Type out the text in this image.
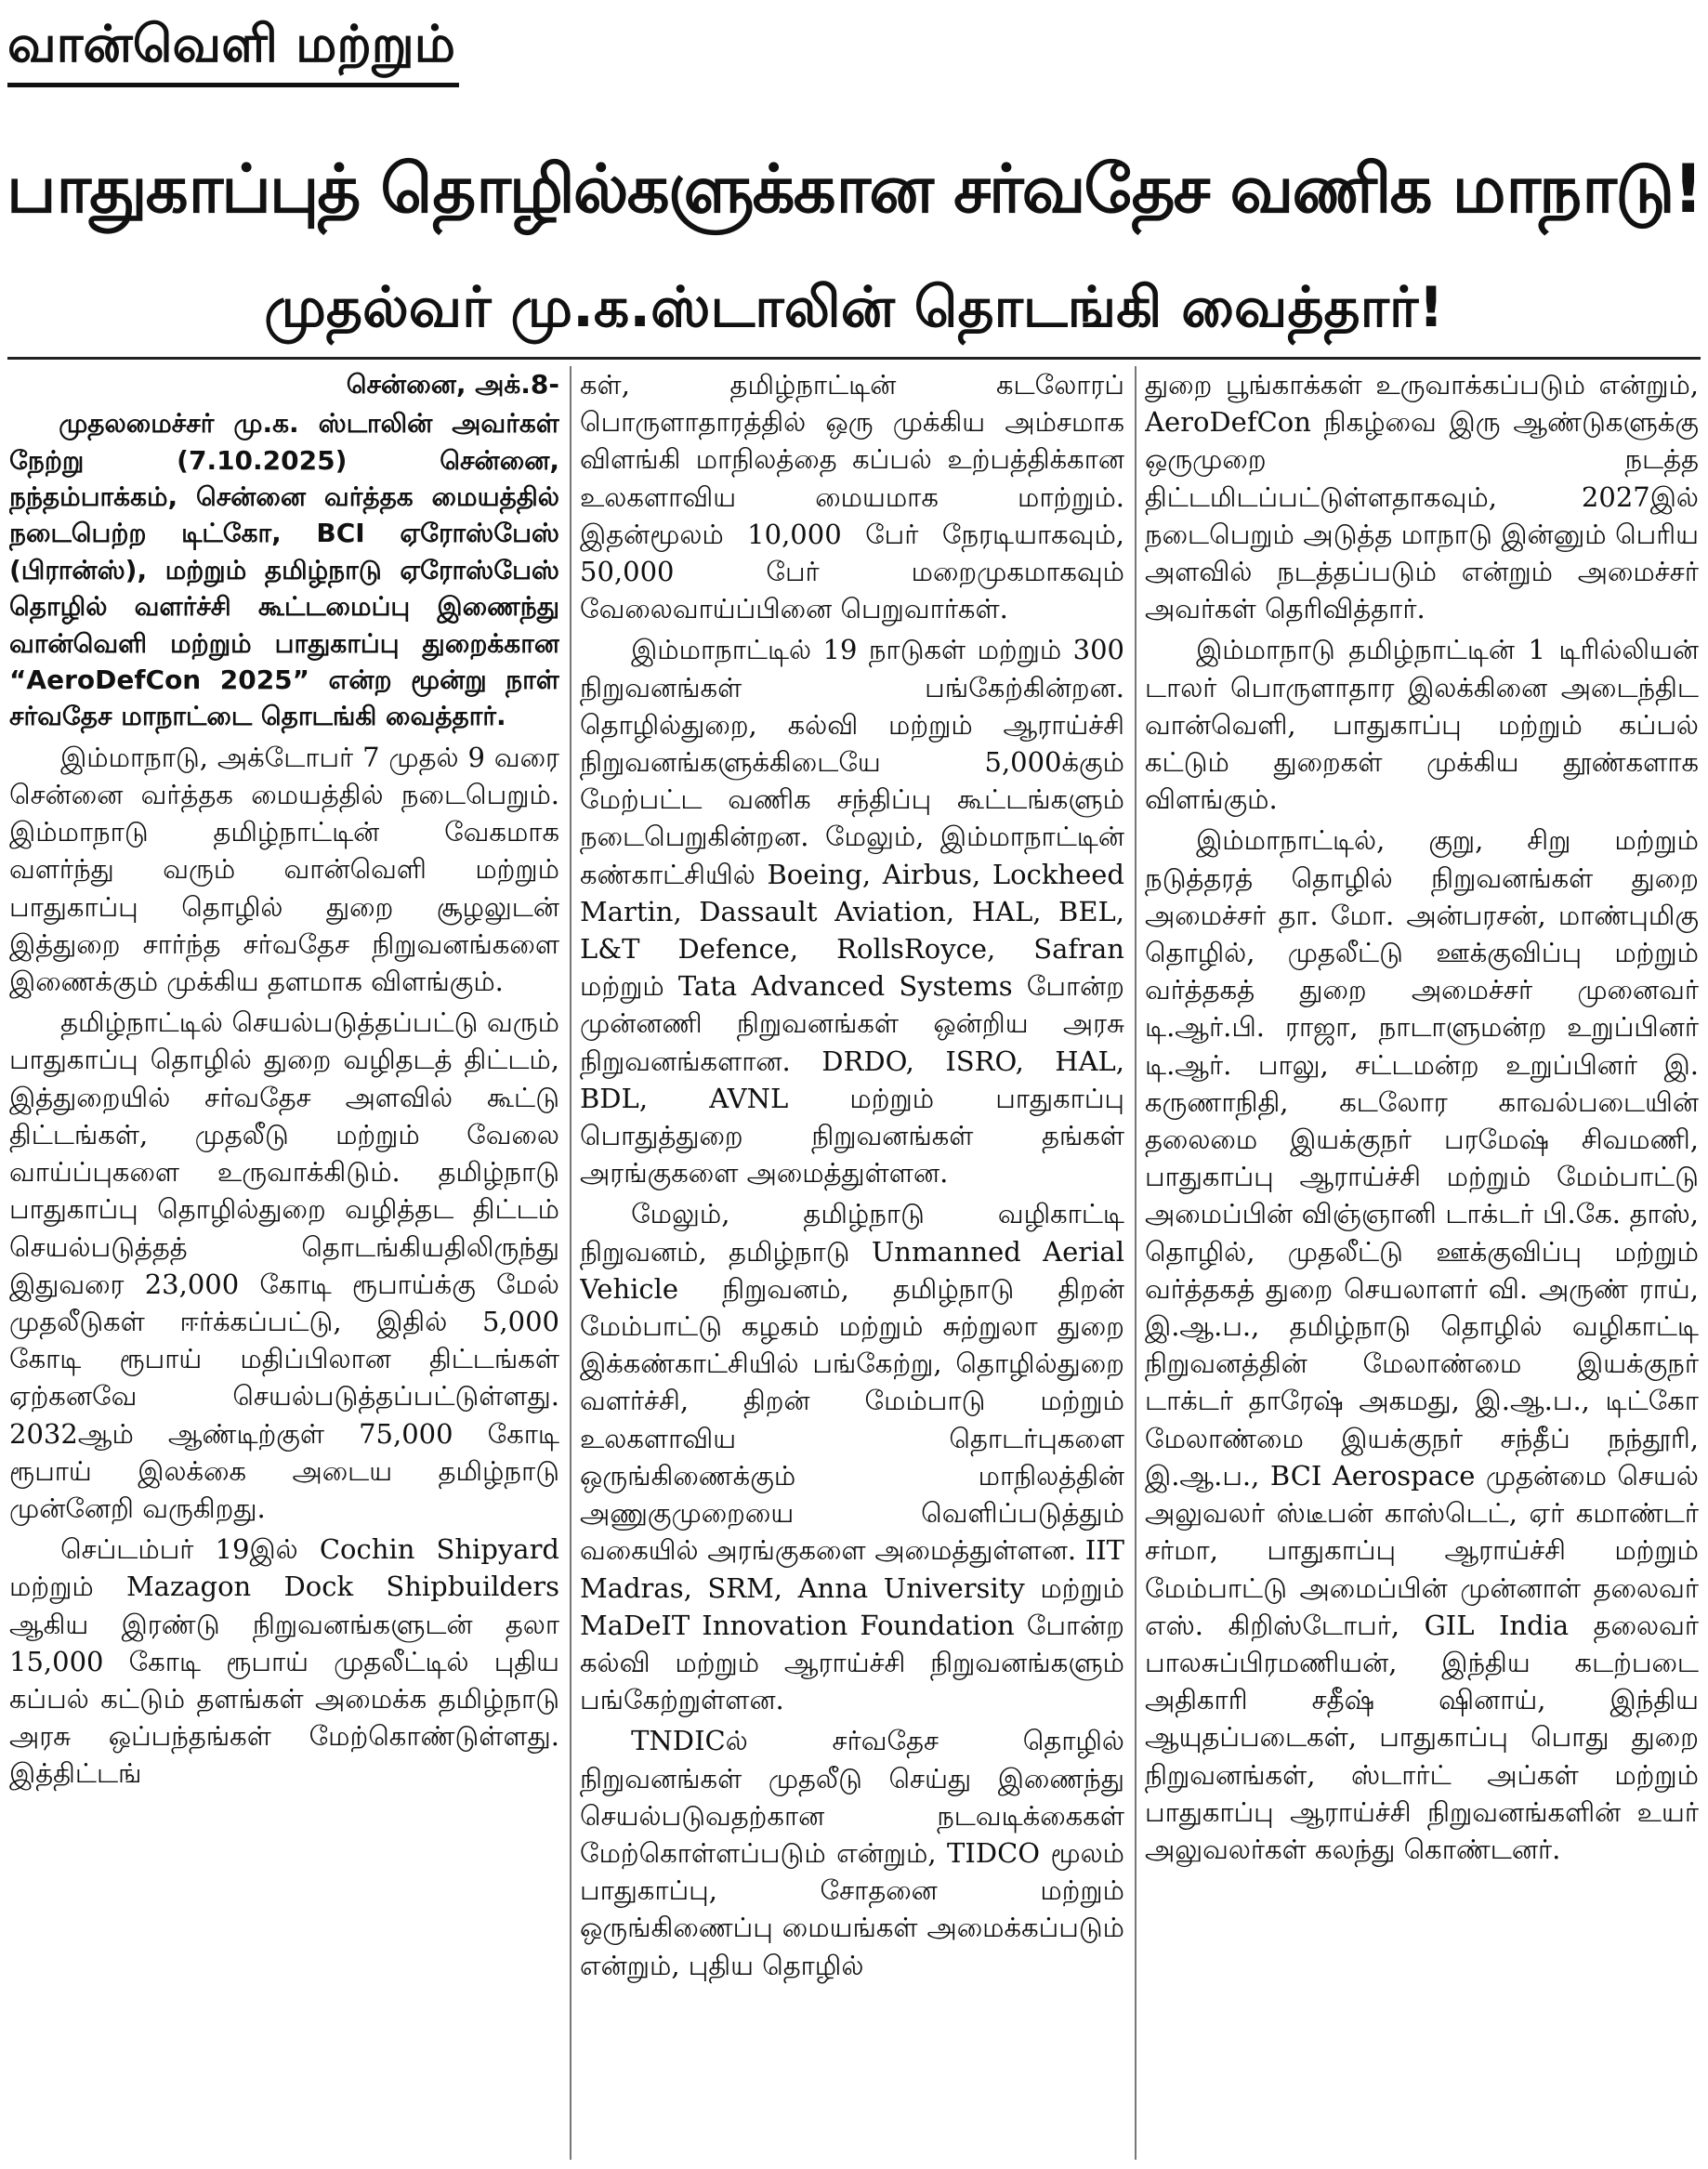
வான்வெளி மற்றும்
பாதுகாப்புத் தொழில்களுக்கான சர்வதேச வணிக மாநாடு!
முதல்வர் மு.க.ஸ்டாலின் தொடங்கி வைத்தார்!

சென்னை, அக்.8-

முதலமைச்சர் மு.க. ஸ்டாலின் அவர்கள் நேற்று (7.10.2025) சென்னை, நந்தம்பாக்கம், சென்னை வர்த்தக மையத்தில் நடைபெற்ற டிட்கோ, BCI ஏரோஸ்பேஸ் (பிரான்ஸ்), மற்றும் தமிழ்நாடு ஏரோஸ்பேஸ் தொழில் வளர்ச்சி கூட்டமைப்பு இணைந்து வான்வெளி மற்றும் பாதுகாப்பு துறைக்கான “AeroDefCon 2025” என்ற மூன்று நாள் சர்வதேச மாநாட்டை தொடங்கி வைத்தார்.

இம்மாநாடு, அக்டோபர் 7 முதல் 9 வரை சென்னை வர்த்தக மையத்தில் நடைபெறும். இம்மாநாடு தமிழ்நாட்டின் வேகமாக வளர்ந்து வரும் வான்வெளி மற்றும் பாதுகாப்பு தொழில் துறை சூழலுடன் இத்துறை சார்ந்த சர்வதேச நிறுவனங்களை இணைக்கும் முக்கிய தளமாக விளங்கும்.

தமிழ்நாட்டில் செயல்படுத்தப்பட்டு வரும் பாதுகாப்பு தொழில் துறை வழிதடத் திட்டம், இத்துறையில் சர்வதேச அளவில் கூட்டு திட்டங்கள், முதலீடு மற்றும் வேலை வாய்ப்புகளை உருவாக்கிடும். தமிழ்நாடு பாதுகாப்பு தொழில்துறை வழித்தட திட்டம் செயல்படுத்தத் தொடங்கியதிலிருந்து இதுவரை 23,000 கோடி ரூபாய்க்கு மேல் முதலீடுகள் ஈர்க்கப்பட்டு, இதில் 5,000 கோடி ரூபாய் மதிப்பிலான திட்டங்கள் ஏற்கனவே செயல்படுத்தப்பட்டுள்ளது. 2032ஆம் ஆண்டிற்குள் 75,000 கோடி ரூபாய் இலக்கை அடைய தமிழ்நாடு முன்னேறி வருகிறது.

செப்டம்பர் 19இல் Cochin Shipyard மற்றும் Mazagon Dock Shipbuilders ஆகிய இரண்டு நிறுவனங்களுடன் தலா 15,000 கோடி ரூபாய் முதலீட்டில் புதிய கப்பல் கட்டும் தளங்கள் அமைக்க தமிழ்நாடு அரசு ஒப்பந்தங்கள் மேற்கொண்டுள்ளது. இத்திட்டங்

கள், தமிழ்நாட்டின் கடலோரப் பொருளாதாரத்தில் ஒரு முக்கிய அம்சமாக விளங்கி மாநிலத்தை கப்பல் உற்பத்திக்கான உலகளாவிய மையமாக மாற்றும். இதன்மூலம் 10,000 பேர் நேரடியாகவும், 50,000 பேர் மறைமுகமாகவும் வேலைவாய்ப்பினை பெறுவார்கள்.

இம்மாநாட்டில் 19 நாடுகள் மற்றும் 300 நிறுவனங்கள் பங்கேற்கின்றன. தொழில்துறை, கல்வி மற்றும் ஆராய்ச்சி நிறுவனங்களுக்கிடையே 5,000க்கும் மேற்பட்ட வணிக சந்திப்பு கூட்டங்களும் நடைபெறுகின்றன. மேலும், இம்மாநாட்டின் கண்காட்சியில் Boeing, Airbus, Lockheed Martin, Dassault Aviation, HAL, BEL, L&T Defence, RollsRoyce, Safran மற்றும் Tata Advanced Systems போன்ற முன்னணி நிறுவனங்கள் ஒன்றிய அரசு நிறுவனங்களான. DRDO, ISRO, HAL, BDL, AVNL மற்றும் பாதுகாப்பு பொதுத்துறை நிறுவனங்கள் தங்கள் அரங்குகளை அமைத்துள்ளன.

மேலும், தமிழ்நாடு வழிகாட்டி நிறுவனம், தமிழ்நாடு Unmanned Aerial Vehicle நிறுவனம், தமிழ்நாடு திறன் மேம்பாட்டு கழகம் மற்றும் சுற்றுலா துறை இக்கண்காட்சியில் பங்கேற்று, தொழில்துறை வளர்ச்சி, திறன் மேம்பாடு மற்றும் உலகளாவிய தொடர்புகளை ஒருங்கிணைக்கும் மாநிலத்தின் அணுகுமுறையை வெளிப்படுத்தும் வகையில் அரங்குகளை அமைத்துள்ளன. IIT Madras, SRM, Anna University மற்றும் MaDeIT Innovation Foundation போன்ற கல்வி மற்றும் ஆராய்ச்சி நிறுவனங்களும் பங்கேற்றுள்ளன.

TNDICல் சர்வதேச தொழில் நிறுவனங்கள் முதலீடு செய்து இணைந்து செயல்படுவதற்கான நடவடிக்கைகள் மேற்கொள்ளப்படும் என்றும், TIDCO மூலம் பாதுகாப்பு, சோதனை மற்றும் ஒருங்கிணைப்பு மையங்கள் அமைக்கப்படும் என்றும், புதிய தொழில்

துறை பூங்காக்கள் உருவாக்கப்படும் என்றும், AeroDefCon நிகழ்வை இரு ஆண்டுகளுக்கு ஒருமுறை நடத்த திட்டமிடப்பட்டுள்ளதாகவும், 2027இல் நடைபெறும் அடுத்த மாநாடு இன்னும் பெரிய அளவில் நடத்தப்படும் என்றும் அமைச்சர் அவர்கள் தெரிவித்தார்.

இம்மாநாடு தமிழ்நாட்டின் 1 டிரில்லியன் டாலர் பொருளாதார இலக்கினை அடைந்திட வான்வெளி, பாதுகாப்பு மற்றும் கப்பல் கட்டும் துறைகள் முக்கிய தூண்களாக விளங்கும்.

இம்மாநாட்டில், குறு, சிறு மற்றும் நடுத்தரத் தொழில் நிறுவனங்கள் துறை அமைச்சர் தா. மோ. அன்பரசன், மாண்புமிகு தொழில், முதலீட்டு ஊக்குவிப்பு மற்றும் வர்த்தகத் துறை அமைச்சர் முனைவர் டி.ஆர்.பி. ராஜா, நாடாளுமன்ற உறுப்பினர் டி.ஆர். பாலு, சட்டமன்ற உறுப்பினர் இ. கருணாநிதி, கடலோர காவல்படையின் தலைமை இயக்குநர் பரமேஷ் சிவமணி, பாதுகாப்பு ஆராய்ச்சி மற்றும் மேம்பாட்டு அமைப்பின் விஞ்ஞானி டாக்டர் பி.கே. தாஸ், தொழில், முதலீட்டு ஊக்குவிப்பு மற்றும் வர்த்தகத் துறை செயலாளர் வி. அருண் ராய், இ.ஆ.ப., தமிழ்நாடு தொழில் வழிகாட்டி நிறுவனத்தின் மேலாண்மை இயக்குநர் டாக்டர் தாரேஷ் அகமது, இ.ஆ.ப., டிட்கோ மேலாண்மை இயக்குநர் சந்தீப் நந்தூரி, இ.ஆ.ப., BCI Aerospace முதன்மை செயல் அலுவலர் ஸ்டீபன் காஸ்டெட், ஏர் கமாண்டர் சர்மா, பாதுகாப்பு ஆராய்ச்சி மற்றும் மேம்பாட்டு அமைப்பின் முன்னாள் தலைவர் எஸ். கிறிஸ்டோபர், GIL India தலைவர் பாலசுப்பிரமணியன், இந்திய கடற்படை அதிகாரி சதீஷ் ஷினாய், இந்திய ஆயுதப்படைகள், பாதுகாப்பு பொது துறை நிறுவனங்கள், ஸ்டார்ட் அப்கள் மற்றும் பாதுகாப்பு ஆராய்ச்சி நிறுவனங்களின் உயர் அலுவலர்கள் கலந்து கொண்டனர்.
